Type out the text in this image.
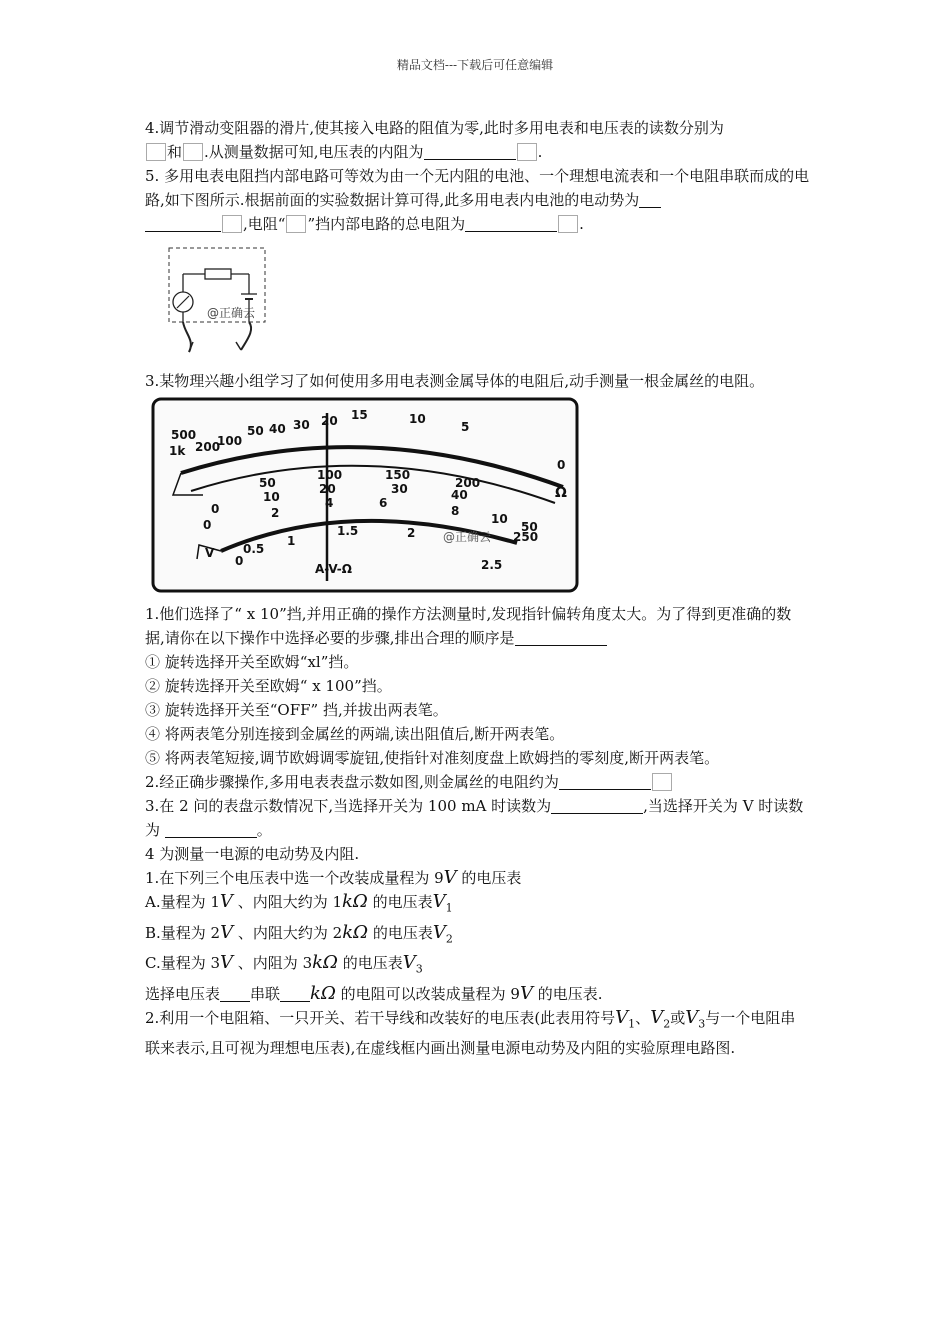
精品文档---下载后可任意编辑

4.调节滑动变阻器的滑片,使其接入电路的阻值为零,此时多用电表和电压表的读数分别为

和 .从测量数据可知,电压表的内阻为	.

5. 多用电表电阻挡内部电路可等效为由一个无内阻的电池、一个理想电流表和一个电阻串联而成的电路,如下图所示.根据前面的实验数据计算可得,此多用电表内电池的电动势为

,电阻“ ”挡内部电路的总电阻为	.

@正确云

3.某物理兴趣小组学习了如何使用多用电表测金属导体的电阻后,动手测量一根金属丝的电阻。

500
1k 200
100
50 40 30 20 15	10
5
0
Ω
0
50
100	150
200
250
0
10
20	30	40
50
2
4	6
8
10
0
0.5
1
1.5	2
2.5
V
A-V-Ω
@正确云

1.他们选择了“ x 10”挡,并用正确的操作方法测量时,发现指针偏转角度太大。为了得到更准确的数据,请你在以下操作中选择必要的步骤,排出合理的顺序是

① 旋转选择开关至欧姆“xl”挡。

② 旋转选择开关至欧姆“ x 100”挡。

③ 旋转选择开关至“OFF” 挡,并拔出两表笔。

④ 将两表笔分别连接到金属丝的两端,读出阻值后,断开两表笔。

⑤ 将两表笔短接,调节欧姆调零旋钮,使指针对准刻度盘上欧姆挡的零刻度,断开两表笔。

2.经正确步骤操作,多用电表表盘示数如图,则金属丝的电阻约为

3.在 2 问的表盘示数情况下,当选择开关为 100 mA 时读数为	,当选择开关为 V 时读数为	。

4 为测量一电源的电动势及内阻.

1.在下列三个电压表中选一个改装成量程为 9V 的电压表

A.量程为 1V 、内阻大约为 1kΩ 的电压表$V_1$

B.量程为 2V 、内阻大约为 2kΩ 的电压表$V_2$

C.量程为 3V 、内阻为 3kΩ 的电压表$V_3$

选择电压表 串联 kΩ 的电阻可以改装成量程为 9V 的电压表.

2.利用一个电阻箱、一只开关、若干导线和改装好的电压表(此表用符号$V_1$、$V_2$或$V_3$与一个电阻串联来表示,且可视为理想电压表),在虚线框内画出测量电源电动势及内阻的实验原理电路图.
